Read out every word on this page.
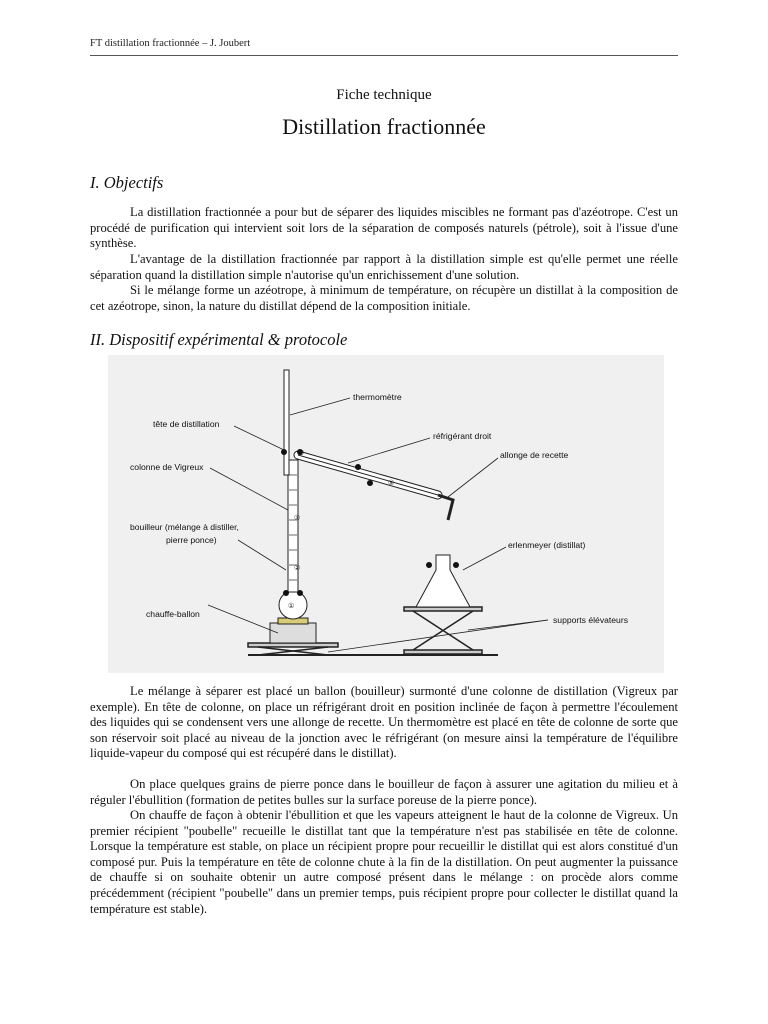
FT distillation fractionnée – J. Joubert
Fiche technique
Distillation fractionnée
I. Objectifs

La distillation fractionnée a pour but de séparer des liquides miscibles ne formant pas d'azéotrope. C'est un procédé de purification qui intervient soit lors de la séparation de composés naturels (pétrole), soit à l'issue d'une synthèse.

L'avantage de la distillation fractionnée par rapport à la distillation simple est qu'elle permet une réelle séparation quand la distillation simple n'autorise qu'un enrichissement d'une solution.

Si le mélange forme un azéotrope, à minimum de température, on récupère un distillat à la composition de cet azéotrope, sinon, la nature du distillat dépend de la composition initiale.

II. Dispositif expérimental & protocole
thermomètre
tête de distillation
réfrigérant droit
allonge de recette
colonne de Vigreux
bouilleur (mélange à distiller,
pierre ponce)	erlenmeyer (distillat)
chauffe-ballon
supports élévateurs
①
②
③
④
⑤

Le mélange à séparer est placé un ballon (bouilleur) surmonté d'une colonne de distillation (Vigreux par exemple). En tête de colonne, on place un réfrigérant droit en position inclinée de façon à permettre l'écoulement des liquides qui se condensent vers une allonge de recette. Un thermomètre est placé en tête de colonne de sorte que son réservoir soit placé au niveau de la jonction avec le réfrigérant (on mesure ainsi la température de l'équilibre liquide-vapeur du composé qui est récupéré dans le distillat).

On place quelques grains de pierre ponce dans le bouilleur de façon à assurer une agitation du milieu et à réguler l'ébullition (formation de petites bulles sur la surface poreuse de la pierre ponce).

On chauffe de façon à obtenir l'ébullition et que les vapeurs atteignent le haut de la colonne de Vigreux. Un premier récipient "poubelle" recueille le distillat tant que la température n'est pas stabilisée en tête de colonne. Lorsque la température est stable, on place un récipient propre pour recueillir le distillat qui est alors constitué d'un composé pur. Puis la température en tête de colonne chute à la fin de la distillation. On peut augmenter la puissance de chauffe si on souhaite obtenir un autre composé présent dans le mélange : on procède alors comme précédemment (récipient "poubelle" dans un premier temps, puis récipient propre pour collecter le distillat quand la température est stable).
